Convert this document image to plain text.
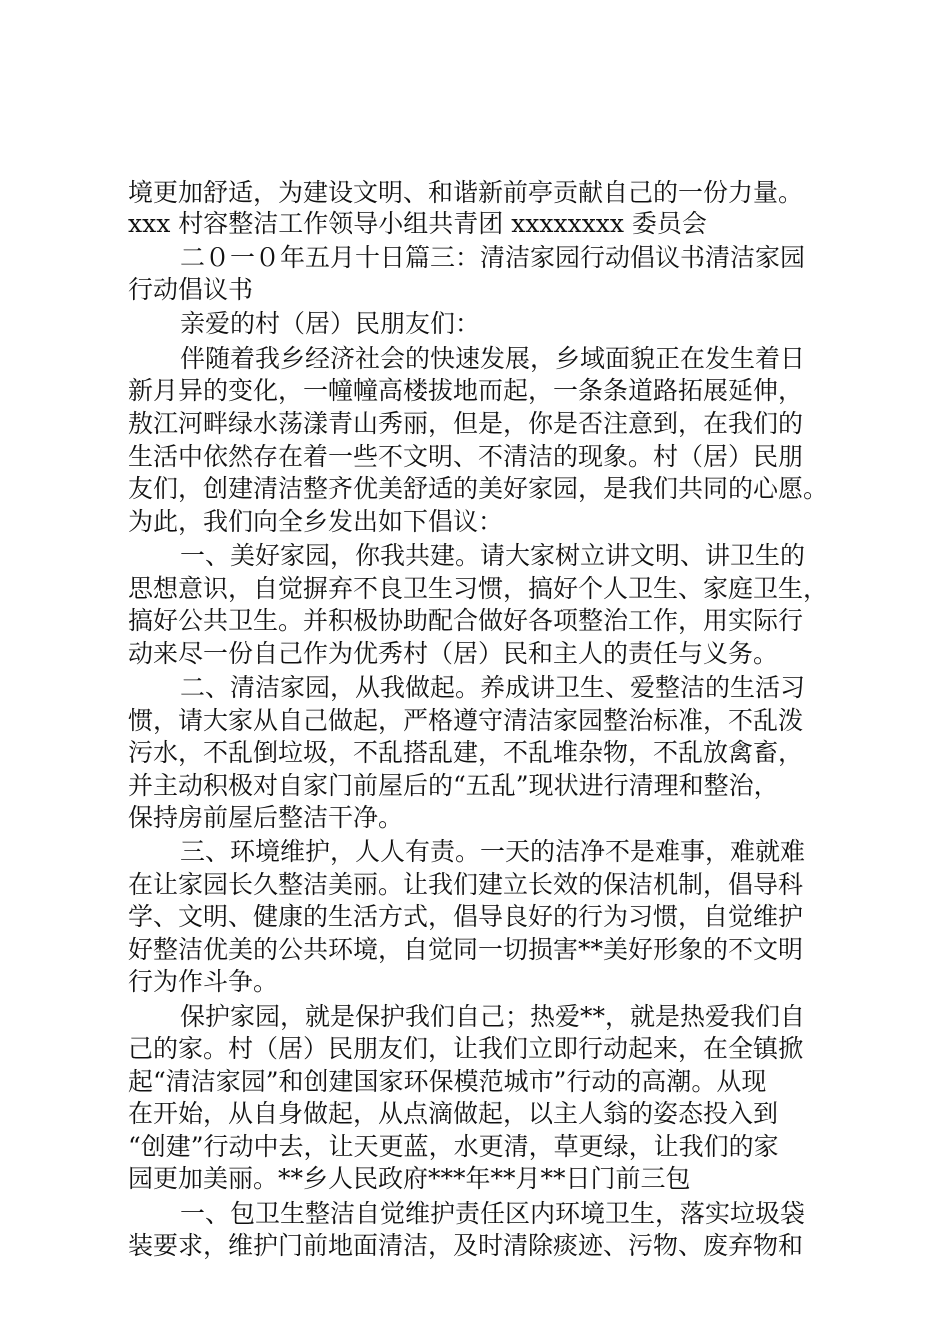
境更加舒适，为建设文明、和谐新前亭贡献自己的一份力量。
xxx 村容整洁工作领导小组共青团 xxxxxxxx 委员会
二０一０年五月十日篇三：清洁家园行动倡议书清洁家园
行动倡议书
亲爱的村（居）民朋友们：
伴随着我乡经济社会的快速发展，乡域面貌正在发生着日
新月异的变化，一幢幢高楼拔地而起，一条条道路拓展延伸，
敖江河畔绿水荡漾青山秀丽，但是，你是否注意到，在我们的
生活中依然存在着一些不文明、不清洁的现象。村（居）民朋
友们，创建清洁整齐优美舒适的美好家园，是我们共同的心愿。
为此，我们向全乡发出如下倡议：
一、美好家园，你我共建。请大家树立讲文明、讲卫生的
思想意识，自觉摒弃不良卫生习惯，搞好个人卫生、家庭卫生，
搞好公共卫生。并积极协助配合做好各项整治工作，用实际行
动来尽一份自己作为优秀村（居）民和主人的责任与义务。
二、清洁家园，从我做起。养成讲卫生、爱整洁的生活习
惯，请大家从自己做起，严格遵守清洁家园整治标准，不乱泼
污水，不乱倒垃圾，不乱搭乱建，不乱堆杂物，不乱放禽畜，
并主动积极对自家门前屋后的“五乱”现状进行清理和整治，
保持房前屋后整洁干净。
三、环境维护，人人有责。一天的洁净不是难事，难就难
在让家园长久整洁美丽。让我们建立长效的保洁机制，倡导科
学、文明、健康的生活方式，倡导良好的行为习惯，自觉维护
好整洁优美的公共环境，自觉同一切损害**美好形象的不文明
行为作斗争。
保护家园，就是保护我们自己；热爱**，就是热爱我们自
己的家。村（居）民朋友们，让我们立即行动起来，在全镇掀
起“清洁家园”和创建国家环保模范城市”行动的高潮。从现
在开始，从自身做起，从点滴做起，以主人翁的姿态投入到
“创建”行动中去，让天更蓝，水更清，草更绿，让我们的家
园更加美丽。**乡人民政府***年**月**日门前三包
一、包卫生整洁自觉维护责任区内环境卫生，落实垃圾袋
装要求，维护门前地面清洁，及时清除痰迹、污物、废弃物和
